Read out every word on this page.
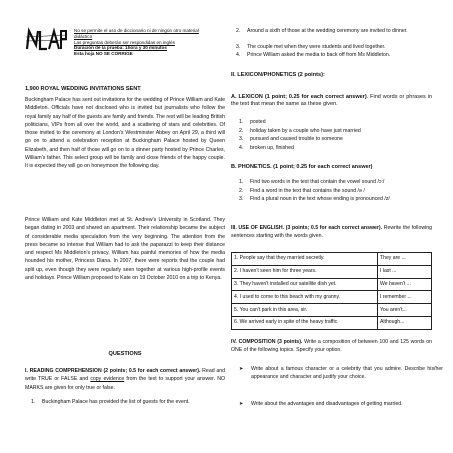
No se permite el uso de diccionario ni de ningún otro material
didáctico
Las preguntas deberán ser respondidas en inglés
Duración de la prueba: 1hora y 30 minutos
Esta hoja NO SE CORRIGE

1,900 ROYAL WEDDING INVITATIONS SENT

Buckingham Palace has sent out invitations for the wedding of Prince William and Kate Middleton. Officials have not disclosed who is invited but journalists who follow the royal family say half of the guests are family and friends. The rest will be leading British politicians, VIPs from all over the world, and a scattering of stars and celebrities. Of those invited to the ceremony at London's Westminster Abbey on April 29, a third will go on to attend a celebration reception at Buckingham Palace hosted by Queen Elizabeth, and then half of those will go on to a dinner party hosted by Prince Charles, William's father. This select group will be family and close friends of the happy couple. It is expected they will go on honeymoon the following day.

Prince William and Kate Middleton met at St. Andrew's University in Scotland. They began dating in 2003 and shared an apartment. Their relationship became the subject of considerable media speculation from the very beginning. The attention from the press became so intense that William had to ask the paparazzi to keep their distance and respect Ms Middleton's privacy. William has painful memories of how the media hounded his mother, Princess Diana. In 2007, there were reports that the couple had split up, even though they were regularly seen together at various high-profile events and holidays. Prince William proposed to Kate on 19 October 2010 on a trip to Kenya.

QUESTIONS

I. READING COMPREHENSION (2 points; 0.5 for each correct answer). Read and write TRUE or FALSE and copy evidence from the text to support your answer. NO MARKS are given for only true or false.

1. Buckingham Palace has provided the list of guests for the event.
2. Around a sixth of those at the wedding ceremony are invited to dinner.
3. The couple met when they were students and lived together.
4. Prince William asked the media to back off from Ms Middleton.

II. LEXICON/PHONETICS (2 points):

A. LEXICON (1 point; 0.25 for each correct answer). Find words or phrases in the text that mean the same as these given.

1. posted
2. holiday taken by a couple who have just married
3. pursued and caused trouble to someone
4. broken up, finished

B. PHONETICS. (1 point; 0.25 for each correct answer)

1. Find two words in the text that contain the vowel sound /ɔ:/
2. Find a word in the text that contains the sound /ə /
3. Find a plural noun in the text whose ending is pronounced /z/

III. USE OF ENGLISH. (3 points; 0.5 for each correct answer). Rewrite the following sentences starting with the words given.

1. People say that they married secretly.	They are ...
2. I haven't seen him for three years.	I last ...
3. They haven't installed our satellite dish yet.	We haven't ...
4. I used to come to this beach with my granny.	I remember ...
5. You can't park in this area, sir.	You aren't...
6. We arrived early in spite of the heavy traffic.	Although...

IV. COMPOSITION (3 points). Write a composition of between 100 and 125 words on ONE of the following topics. Specify your option.

➤ Write about a famous character or a celebrity that you admire. Describe his/her appearance and character and justify your choice.
➤ Write about the advantages and disadvantages of getting married.
